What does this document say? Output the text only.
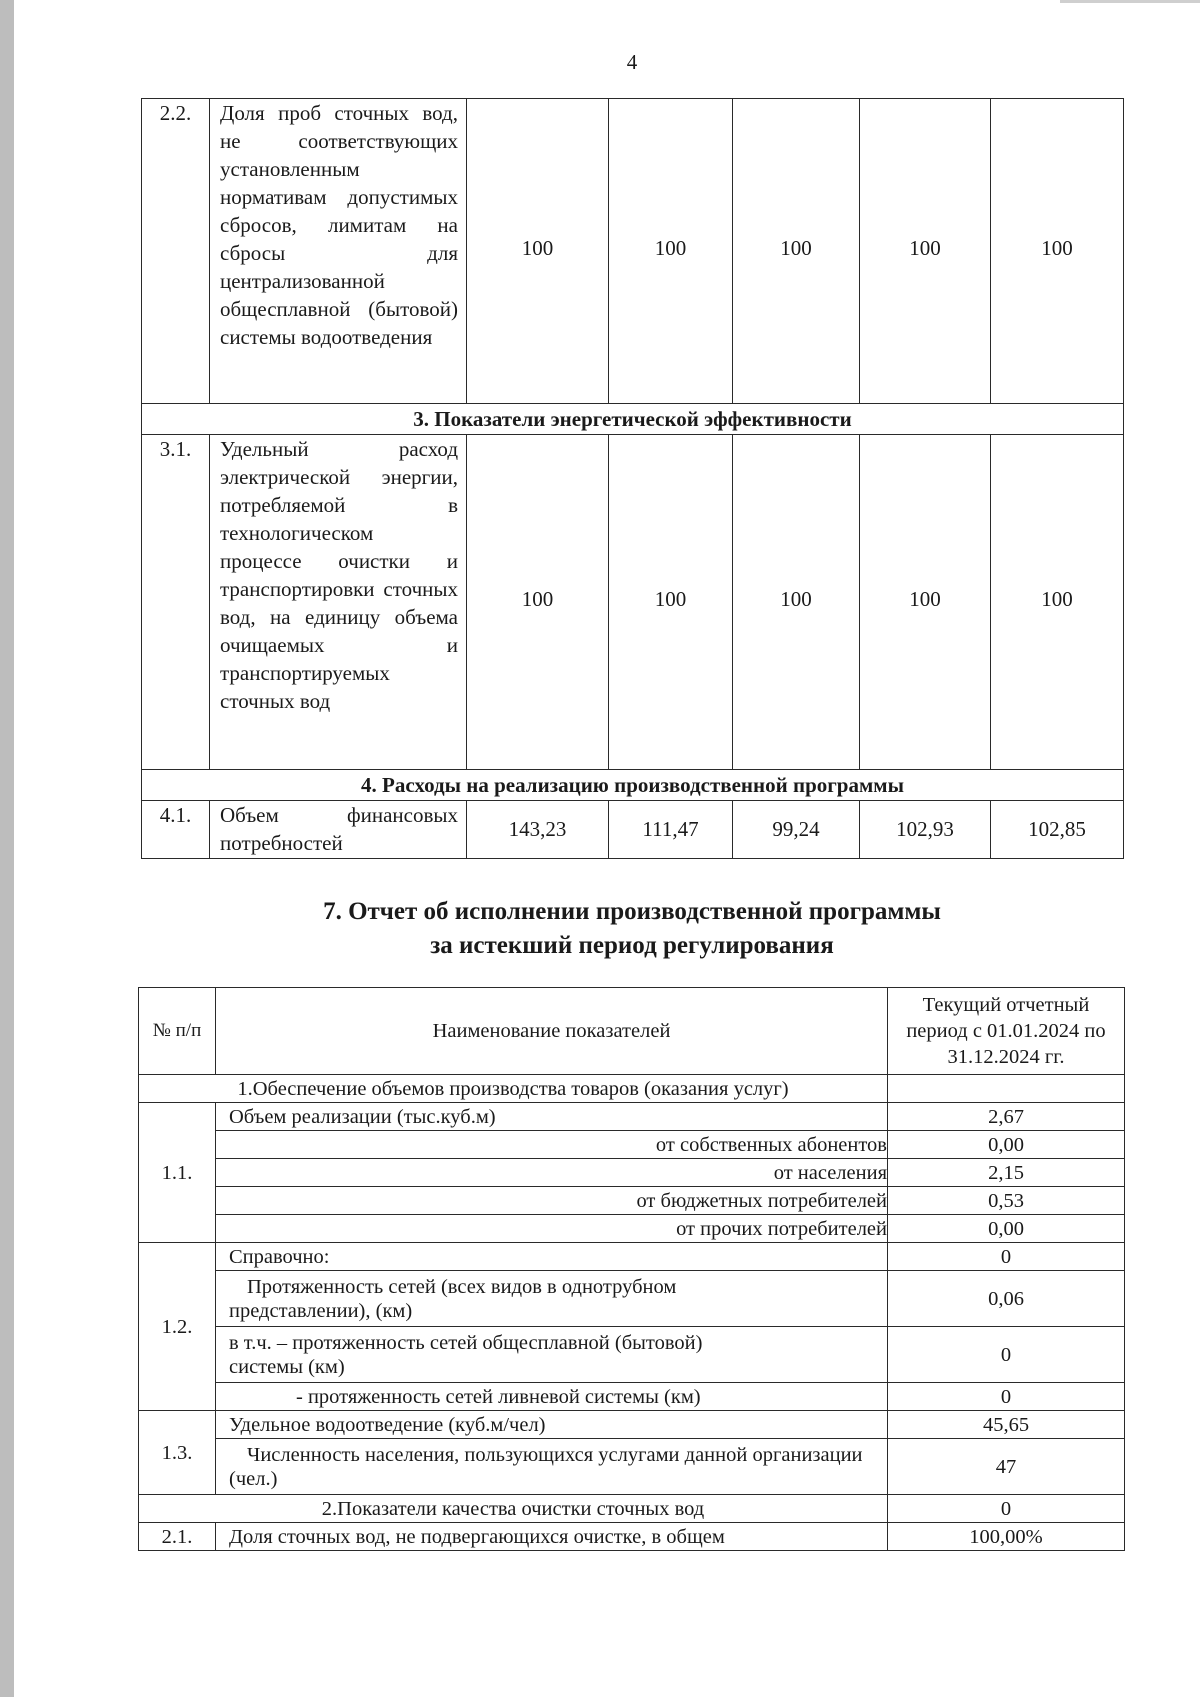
4
2.2.	Доля проб сточных вод, не соответствующих установленным нормативам допустимых сбросов, лимитам на сбросы для централизованной общесплавной (бытовой) системы водоотведения	100	100	100	100	100
3. Показатели энергетической эффективности						
3.1.	Удельный расход электрической энергии, потребляемой в технологическом процессе очистки и транспортировки сточных вод, на единицу объема очищаемых и транспортируемых сточных вод	100	100	100	100	100
4. Расходы на реализацию производственной программы						
4.1.	Объем финансовых потребностей	143,23	111,47	99,24	102,93	102,85
7. Отчет об исполнении производственной программы
за истекший период регулирования
№ п/п	Наименование показателей	Текущий отчетный период с 01.01.2024 по 31.12.2024 гг.
1.Обеспечение объемов производства товаров (оказания услуг)		
1.1.	Объем реализации (тыс.куб.м)	2,67
	от собственных абонентов	0,00
	от населения	2,15
	от бюджетных потребителей	0,53
	от прочих потребителей	0,00
1.2.	Справочно:	0

	Протяженность сетей (всех видов в однотрубном представлении), (км)	0,06
	в т.ч. – протяженность сетей общесплавной (бытовой) системы (км)	0
	- протяженность сетей ливневой системы (км)	0
1.3.	Удельное водоотведение (куб.м/чел)	45,65

	Численность населения, пользующихся услугами данной организации (чел.)	47
2.Показатели качества очистки сточных вод		0
2.1.	Доля сточных вод, не подвергающихся очистке, в общем	100,00%
